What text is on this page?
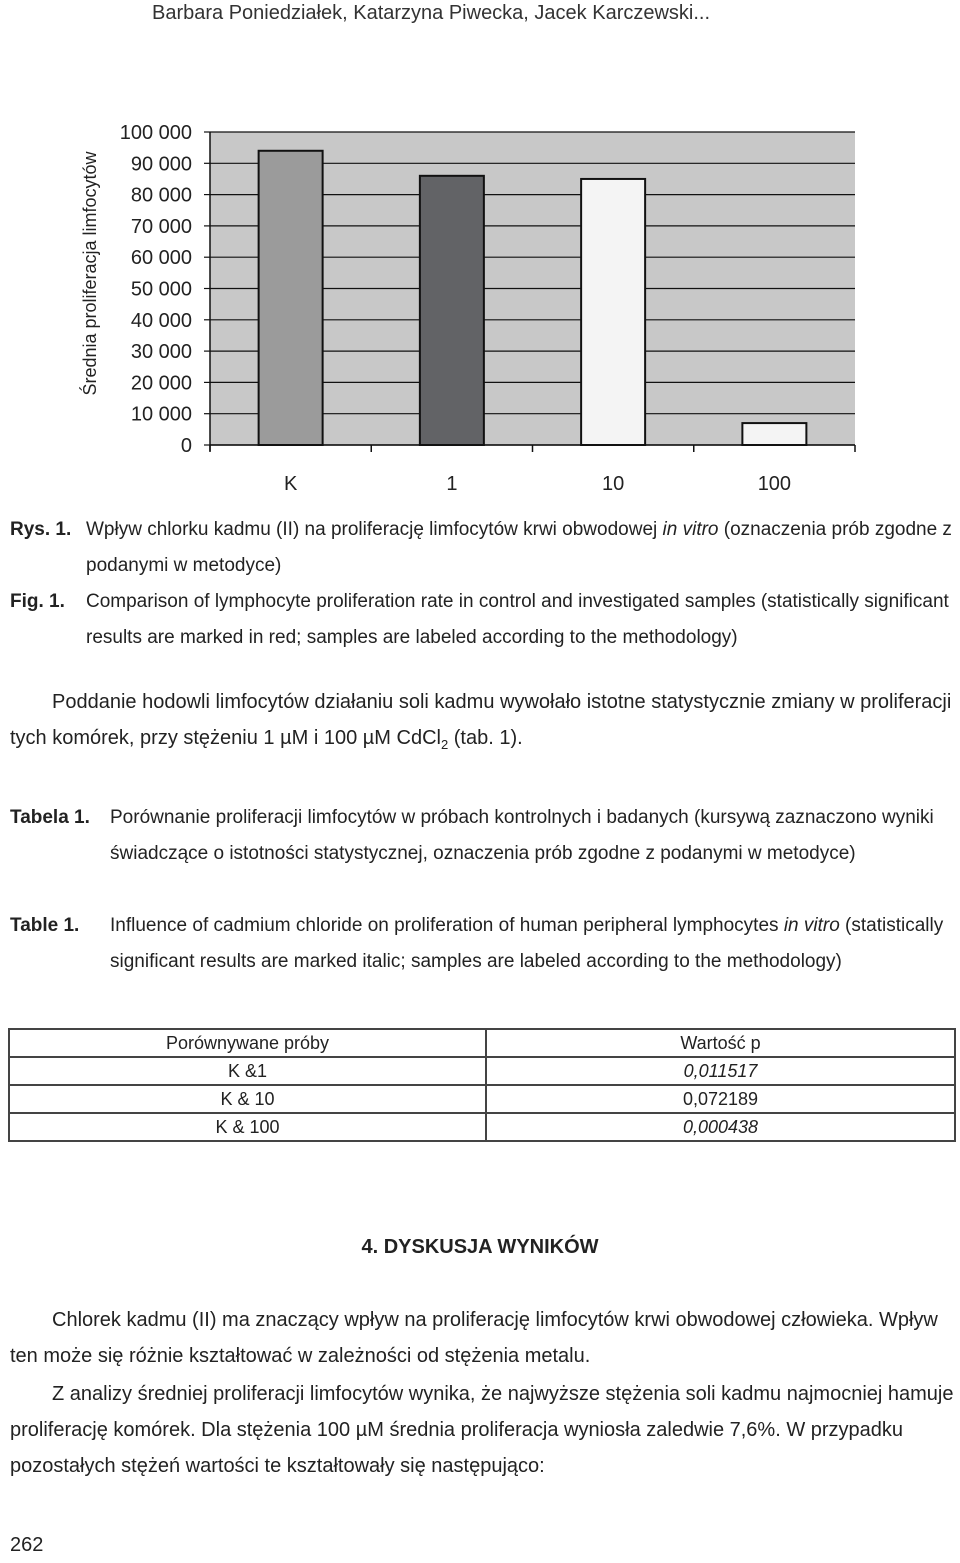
Barbara Poniedziałek, Katarzyna Piwecka, Jacek Karczewski...
0
10 000
20 000
30 000
40 000
50 000
60 000
70 000
80 000
90 000
100 000
K	1	10	100
Średnia proliferacja limfocytów
Rys. 1. Wpływ chlorku kadmu (II) na proliferację limfocytów krwi obwodowej in vitro (oznaczenia prób zgodne z podanymi w metodyce)
Fig. 1.	Comparison of lymphocyte proliferation rate in control and investigated samples (statistically significant results are marked in red; samples are labeled according to the methodology)
Poddanie hodowli limfocytów działaniu soli kadmu wywołało istotne statystycznie zmiany w proliferacji tych komórek, przy stężeniu 1 µM i 100 µM CdCl$_2$ (tab. 1).
Tabela 1.	Porównanie proliferacji limfocytów w próbach kontrolnych i badanych (kursywą zaznaczono wyniki świadczące o istotności statystycznej, oznaczenia prób zgodne z podanymi w metodyce)
Table 1.	Influence of cadmium chloride on proliferation of human peripheral lymphocytes in vitro (statistically significant results are marked italic; samples are labeled according to the methodology)
Porównywane próby	Wartość p
K &1	0,011517
K & 10	0,072189
K & 100	0,000438
4. DYSKUSJA WYNIKÓW
Chlorek kadmu (II) ma znaczący wpływ na proliferację limfocytów krwi obwodowej człowieka. Wpływ ten może się różnie kształtować w zależności od stężenia metalu.
Z analizy średniej proliferacji limfocytów wynika, że najwyższe stężenia soli kadmu najmocniej hamuje proliferację komórek. Dla stężenia 100 µM średnia proliferacja wyniosła zaledwie 7,6%. W przypadku pozostałych stężeń wartości te kształtowały się następująco:
262
